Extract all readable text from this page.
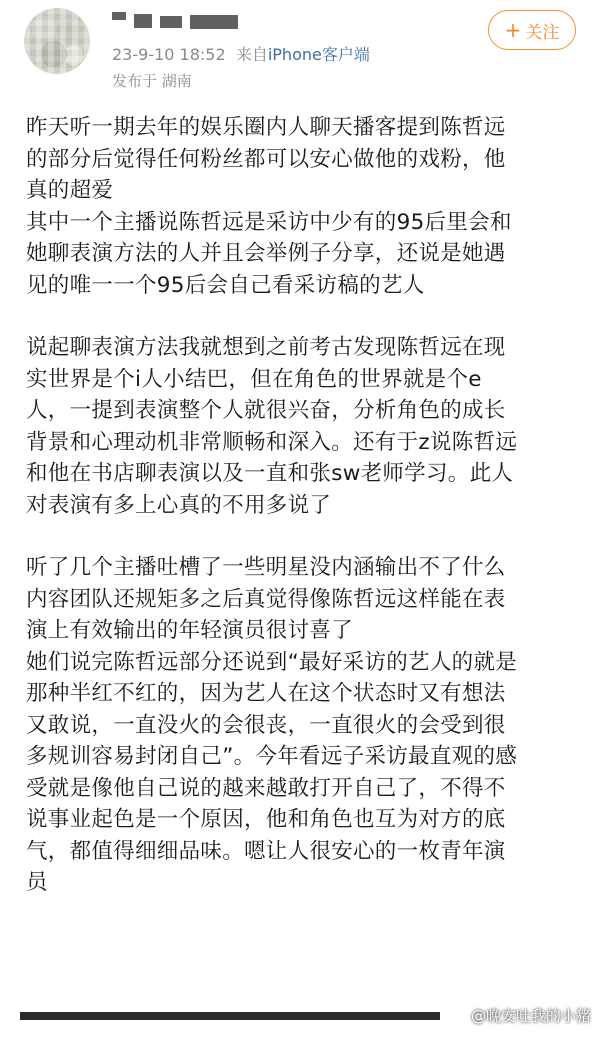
23-9-10 18:52 来自iPhone客户端
发布于 湖南
+ 关注

昨天听一期去年的娱乐圈内人聊天播客提到陈哲远
的部分后觉得任何粉丝都可以安心做他的戏粉，他
真的超爱

其中一个主播说陈哲远是采访中少有的95后里会和
她聊表演方法的人并且会举例子分享，还说是她遇
见的唯一一个95后会自己看采访稿的艺人

说起聊表演方法我就想到之前考古发现陈哲远在现
实世界是个i人小结巴，但在角色的世界就是个e
人，一提到表演整个人就很兴奋，分析角色的成长
背景和心理动机非常顺畅和深入。还有于z说陈哲远
和他在书店聊表演以及一直和张sw老师学习。此人
对表演有多上心真的不用多说了

听了几个主播吐槽了一些明星没内涵输出不了什么
内容团队还规矩多之后真觉得像陈哲远这样能在表
演上有效输出的年轻演员很讨喜了

她们说完陈哲远部分还说到“最好采访的艺人的就是
那种半红不红的，因为艺人在这个状态时又有想法
又敢说，一直没火的会很丧，一直很火的会受到很
多规训容易封闭自己”。今年看远子采访最直观的感
受就是像他自己说的越来越敢打开自己了，不得不
说事业起色是一个原因，他和角色也互为对方的底
气，都值得细细品味。嗯让人很安心的一枚青年演
员

@晚安吐我的小猪
